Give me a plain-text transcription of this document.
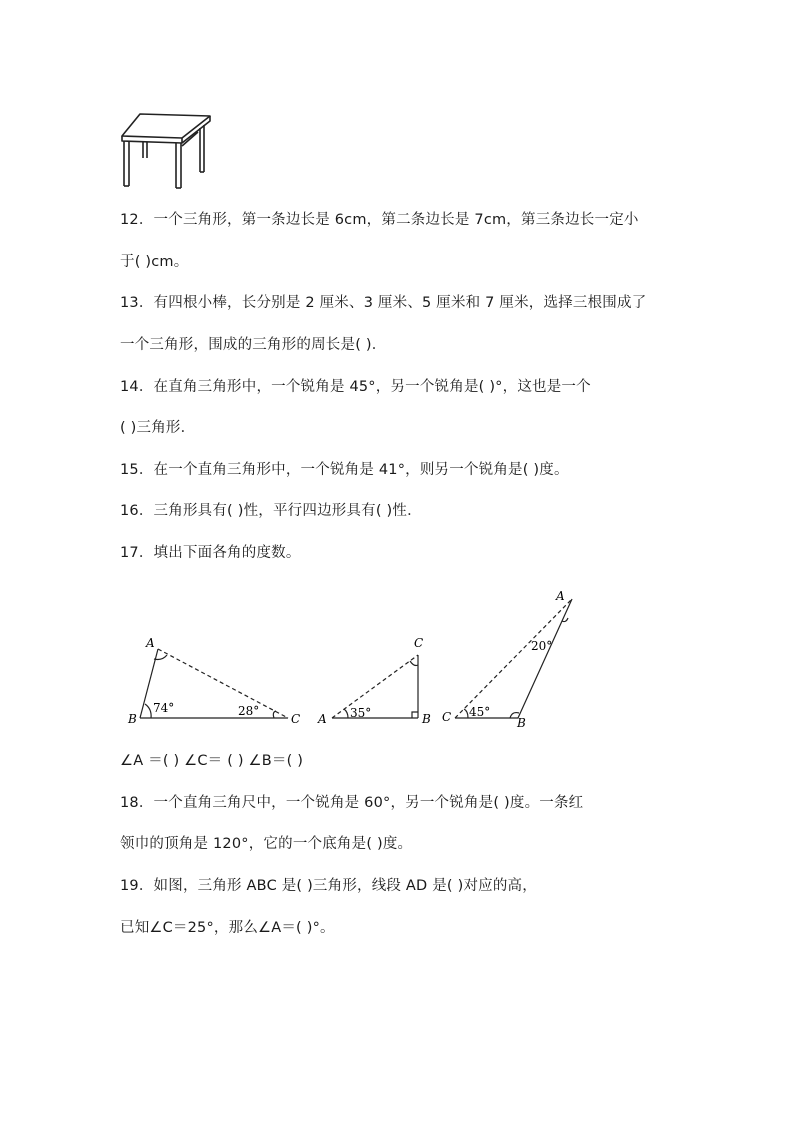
12．一个三角形，第一条边长是 6cm，第二条边长是 7cm，第三条边长一定小
于( )cm。
13．有四根小棒，长分别是 2 厘米、3 厘米、5 厘米和 7 厘米，选择三根围成了
一个三角形，围成的三角形的周长是( )．
14．在直角三角形中，一个锐角是 45°，另一个锐角是( )°，这也是一个
( )三角形．
15．在一个直角三角形中，一个锐角是 41°，则另一个锐角是( )度。
16．三角形具有( )性，平行四边形具有( )性．
17．填出下面各角的度数。
A
B	C
74°	28°
A	B
C
35°	C	B
A
20°
45°
∠A ＝( ) ∠C＝ ( ) ∠B＝( )
18．一个直角三角尺中，一个锐角是 60°，另一个锐角是( )度。一条红
领巾的顶角是 120°，它的一个底角是( )度。
19．如图，三角形 ABC 是( )三角形，线段 AD 是( )对应的高，
已知∠C＝25°，那么∠A＝( )°。
